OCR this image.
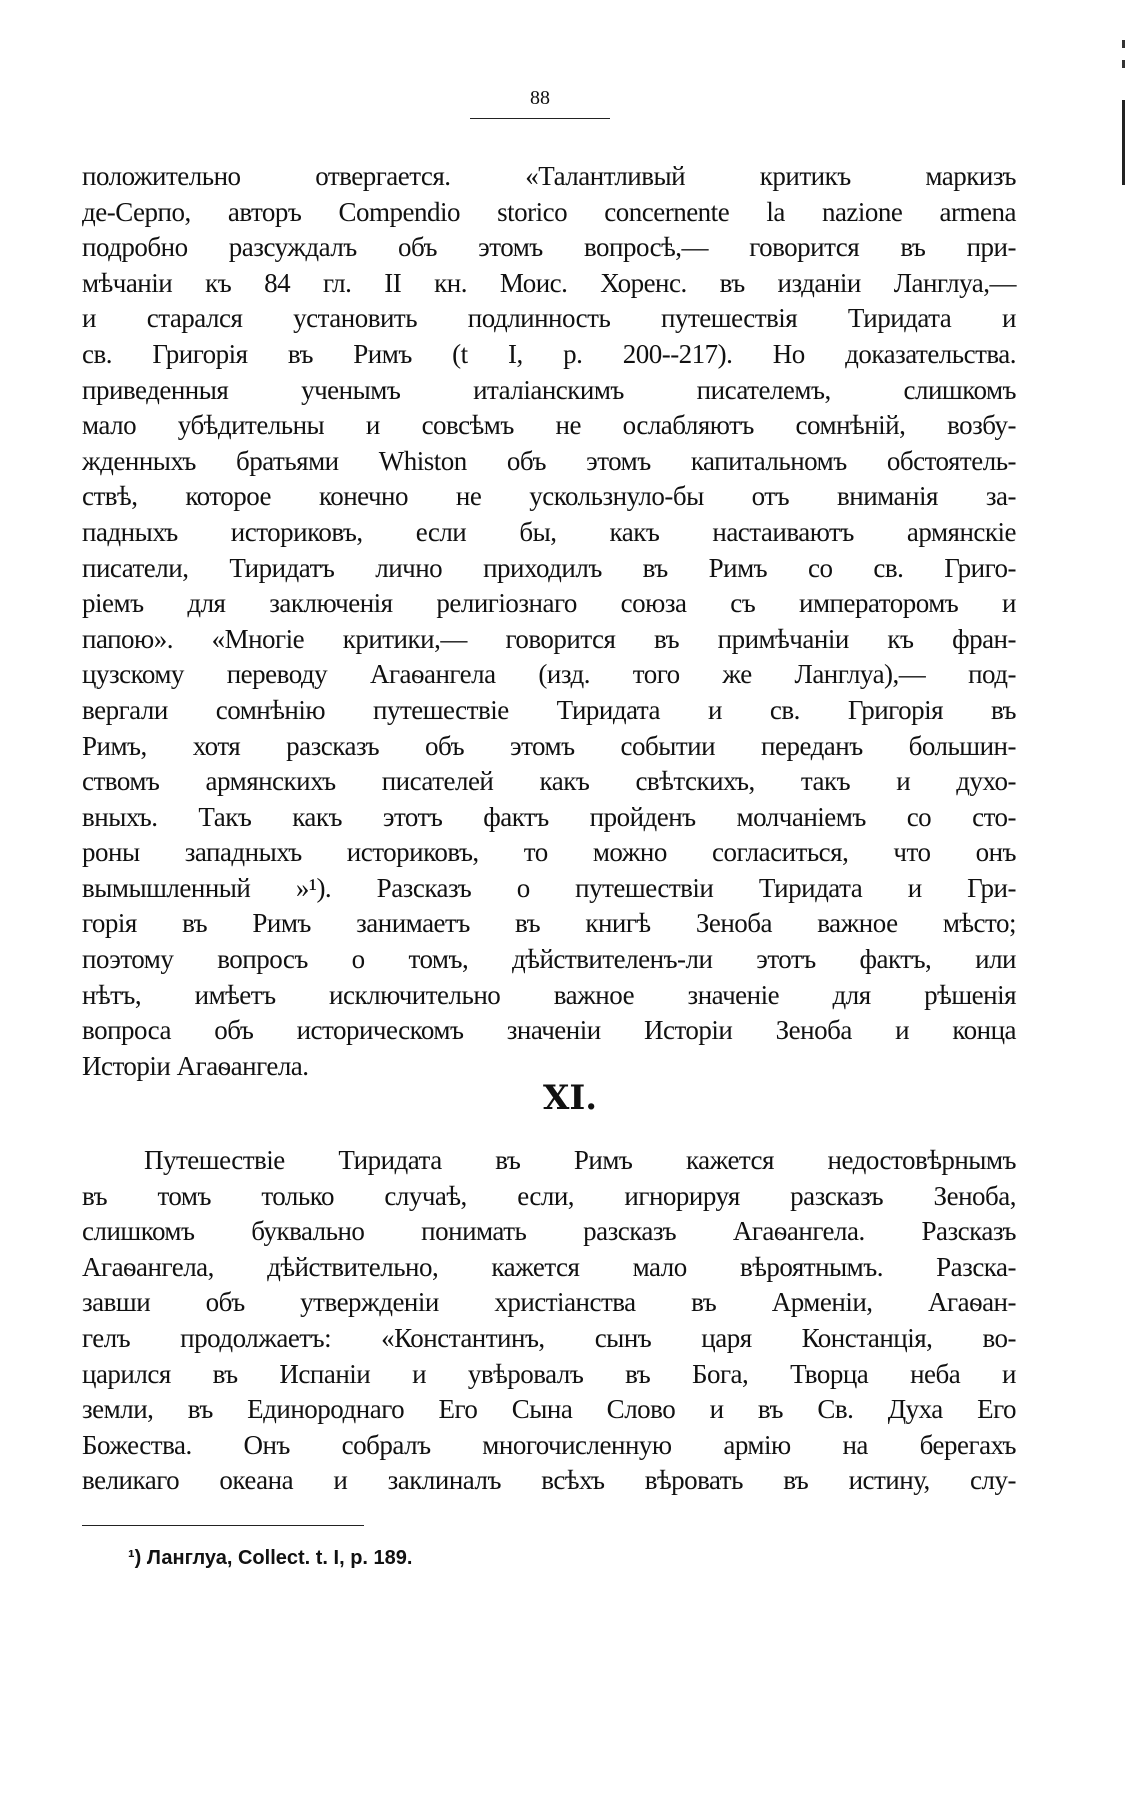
88
положительно отвергается. «Талантливый критикъ маркизъ
де-Серпо, авторъ Compendio storico concernente la nazione armena
подробно разсуждалъ объ этомъ вопросѣ,— говорится въ при-
мѣчаніи къ 84 гл. II кн. Моис. Хоренс. въ изданіи Ланглуа,—
и старался установить подлинность путешествія Тиридата и
св. Григорія въ Римъ (t I, p. 200--217). Но доказательства.
приведенныя ученымъ италіанскимъ писателемъ, слишкомъ
мало убѣдительны и совсѣмъ не ослабляютъ сомнѣній, возбу-
жденныхъ братьями Whiston объ этомъ капитальномъ обстоятель-
ствѣ, которое конечно не ускользнуло-бы отъ вниманія за-
падныхъ историковъ, если бы, какъ настаиваютъ армянскіе
писатели, Тиридатъ лично приходилъ въ Римъ со св. Григо-
ріемъ для заключенія религіознаго союза съ императоромъ и
папою». «Многіе критики,— говорится въ примѣчаніи къ фран-
цузскому переводу Агаѳангела (изд. того же Ланглуа),— под-
вергали сомнѣнію путешествіе Тиридата и св. Григорія въ
Римъ, хотя разсказъ объ этомъ событии переданъ большин-
ствомъ армянскихъ писателей какъ свѣтскихъ, такъ и духо-
вныхъ. Такъ какъ этотъ фактъ пройденъ молчаніемъ со сто-
роны западныхъ историковъ, то можно согласиться, что онъ
вымышленный »¹). Разсказъ о путешествіи Тиридата и Гри-
горія въ Римъ занимаетъ въ книгѣ Зеноба важное мѣсто;
поэтому вопросъ о томъ, дѣйствителенъ-ли этотъ фактъ, или
нѣтъ, имѣетъ исключительно важное значеніе для рѣшенія
вопроса объ историческомъ значеніи Исторіи Зеноба и конца
Исторіи Агаѳангела.
XI.
Путешествіе Тиридата въ Римъ кажется недостовѣрнымъ
въ томъ только случаѣ, если, игнорируя разсказъ Зеноба,
слишкомъ буквально понимать разсказъ Агаѳангела. Разсказъ
Агаѳангела, дѣйствительно, кажется мало вѣроятнымъ. Разска-
завши объ утвержденіи христіанства въ Арменіи, Агаѳан-
гелъ продолжаетъ: «Константинъ, сынъ царя Констанція, во-
царился въ Испаніи и увѣровалъ въ Бога, Творца неба и
земли, въ Единороднаго Его Сына Слово и въ Св. Духа Его
Божества. Онъ собралъ многочисленную армію на берегахъ
великаго океана и заклиналъ всѣхъ вѣровать въ истину, слу-
¹) Ланглуа, Collect. t. I, p. 189.
